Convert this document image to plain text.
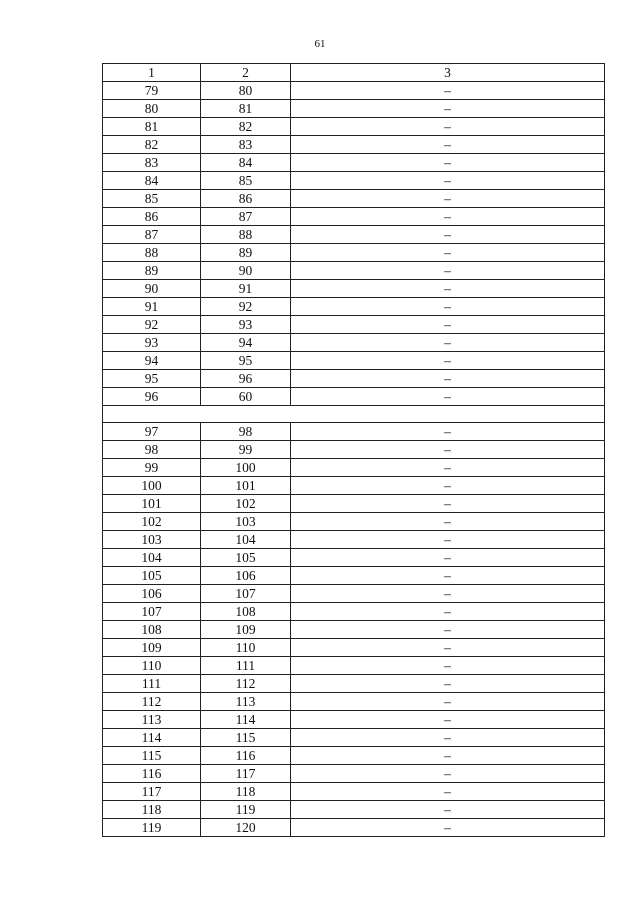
61
1	2	3
79	80	–
80	81	–
81	82	–
82	83	–
83	84	–
84	85	–
85	86	–
86	87	–
87	88	–
88	89	–
89	90	–
90	91	–
91	92	–
92	93	–
93	94	–
94	95	–
95	96	–
96	60	–

97	98	–
98	99	–
99	100	–
100	101	–
101	102	–
102	103	–
103	104	–
104	105	–
105	106	–
106	107	–
107	108	–
108	109	–
109	110	–
110	111	–
111	112	–
112	113	–
113	114	–
114	115	–
115	116	–
116	117	–
117	118	–
118	119	–
119	120	–
